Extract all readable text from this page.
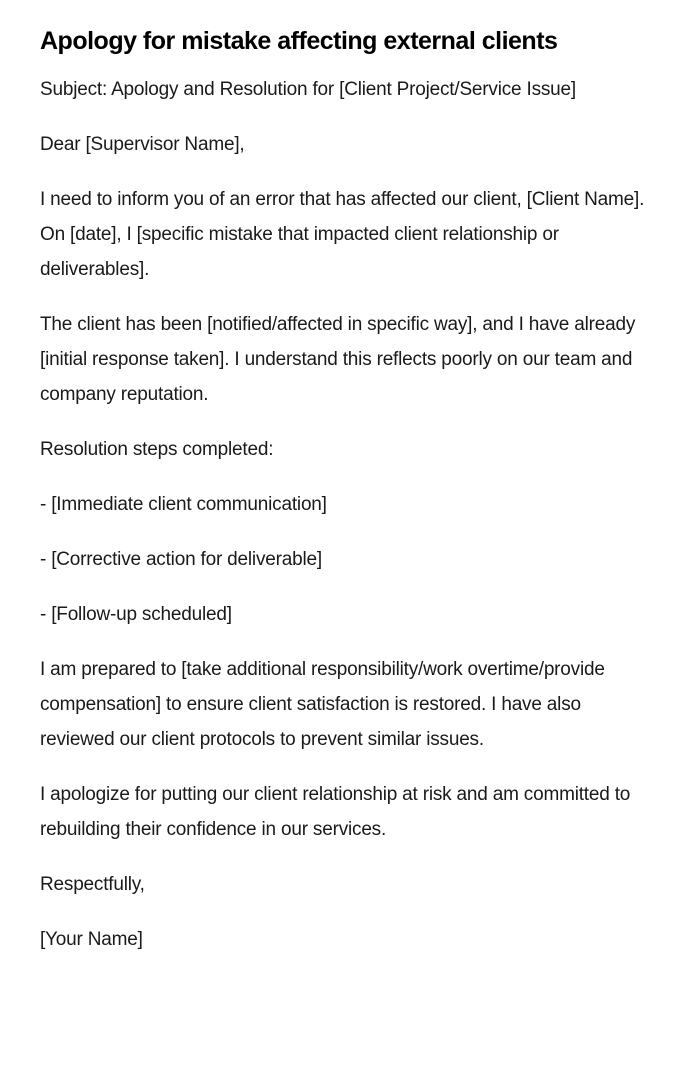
Apology for mistake affecting external clients

Subject: Apology and Resolution for [Client Project/Service Issue]

Dear [Supervisor Name],

I need to inform you of an error that has affected our client, [Client Name]. On [date], I [specific mistake that impacted client relationship or deliverables].

The client has been [notified/affected in specific way], and I have already [initial response taken]. I understand this reflects poorly on our team and company reputation.

Resolution steps completed:

- [Immediate client communication]

- [Corrective action for deliverable]

- [Follow-up scheduled]

I am prepared to [take additional responsibility/work overtime/provide compensation] to ensure client satisfaction is restored. I have also reviewed our client protocols to prevent similar issues.

I apologize for putting our client relationship at risk and am committed to rebuilding their confidence in our services.

Respectfully,

[Your Name]
